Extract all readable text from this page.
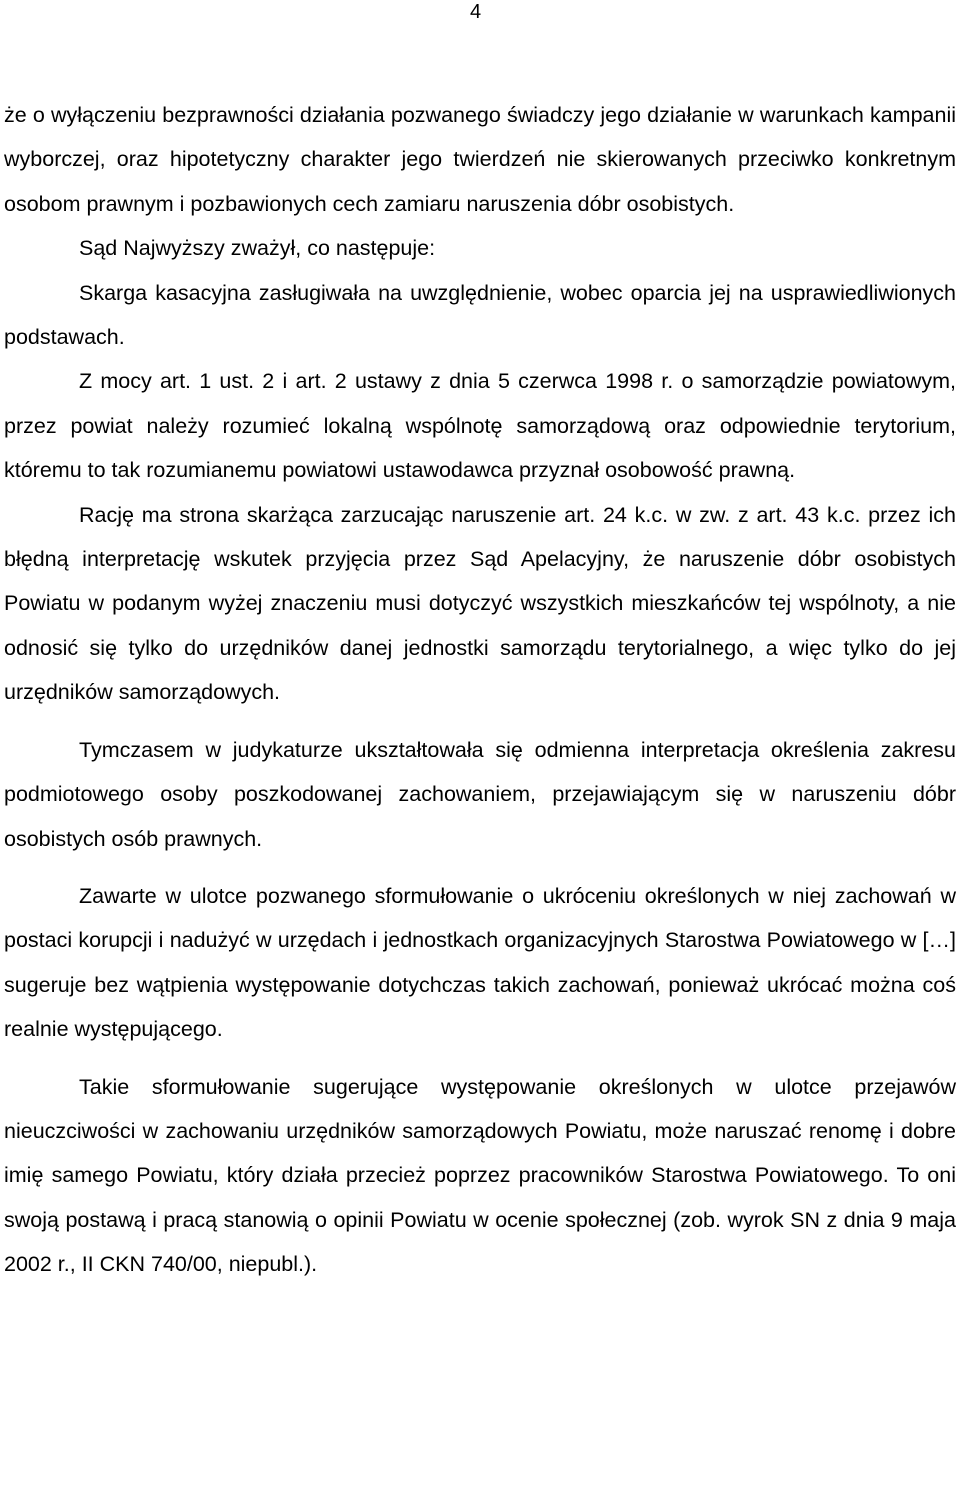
4

że o wyłączeniu bezprawności działania pozwanego świadczy jego działanie w warunkach kampanii wyborczej, oraz hipotetyczny charakter jego twierdzeń nie skierowanych przeciwko konkretnym osobom prawnym i pozbawionych cech zamiaru naruszenia dóbr osobistych.

Sąd Najwyższy zważył, co następuje:

Skarga kasacyjna zasługiwała na uwzględnienie, wobec oparcia jej na usprawiedliwionych podstawach.

Z mocy art. 1 ust. 2 i art. 2 ustawy z dnia 5 czerwca 1998 r. o samorządzie powiatowym, przez powiat należy rozumieć lokalną wspólnotę samorządową oraz odpowiednie terytorium, któremu to tak rozumianemu powiatowi ustawodawca przyznał osobowość prawną.

Rację ma strona skarżąca zarzucając naruszenie art. 24 k.c. w zw. z art. 43 k.c. przez ich błędną interpretację wskutek przyjęcia przez Sąd Apelacyjny, że naruszenie dóbr osobistych Powiatu w podanym wyżej znaczeniu musi dotyczyć wszystkich mieszkańców tej wspólnoty, a nie odnosić się tylko do urzędników danej jednostki samorządu terytorialnego, a więc tylko do jej urzędników samorządowych.

Tymczasem w judykaturze ukształtowała się odmienna interpretacja określenia zakresu podmiotowego osoby poszkodowanej zachowaniem, przejawiającym się w naruszeniu dóbr osobistych osób prawnych.

Zawarte w ulotce pozwanego sformułowanie o ukróceniu określonych w niej zachowań w postaci korupcji i nadużyć w urzędach i jednostkach organizacyjnych Starostwa Powiatowego w […] sugeruje bez wątpienia występowanie dotychczas takich zachowań, ponieważ ukrócać można coś realnie występującego.

Takie sformułowanie sugerujące występowanie określonych w ulotce przejawów nieuczciwości w zachowaniu urzędników samorządowych Powiatu, może naruszać renomę i dobre imię samego Powiatu, który działa przecież poprzez pracowników Starostwa Powiatowego. To oni swoją postawą i pracą stanowią o opinii Powiatu w ocenie społecznej (zob. wyrok SN z dnia 9 maja 2002 r., II CKN 740/00, niepubl.).
